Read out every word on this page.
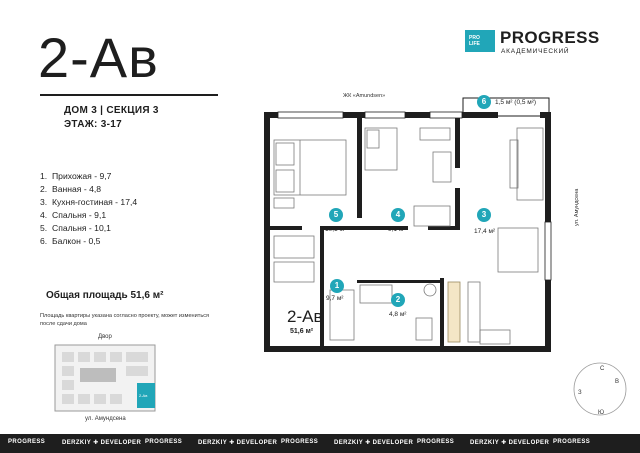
2-Ав
ДОМ 3 | СЕКЦИЯ 3
ЭТАЖ: 3-17
1. Прихожая - 9,7
2. Ванная - 4,8
3. Кухня-гостиная - 17,4
4. Спальня - 9,1
5. Спальня - 10,1
6. Балкон - 0,5
Общая площадь 51,6 м²
Площадь квартиры указана согласно проекту, может измениться после сдачи дома
PRO
LIFE	PROGRESS
АКАДЕМИЧЕСКИЙ
ЖК «Amundsen»
ул. Амундсена
1
9,7 м²	2
4,8 м²
3
17,4 м²
4
9,1 м²
5
10,1 м²
6	1,5 м² (0,5 м²)
2-Ав
51,6 м²
С
В
Ю
З
Двор
ул. Амундсена
2-Ав
PROGRESS	DERZKIY ✚ DEVELOPER PROGRESS	DERZKIY ✚ DEVELOPER PROGRESS	DERZKIY ✚ DEVELOPER PROGRESS	DERZKIY ✚ DEVELOPER PROGRESS
